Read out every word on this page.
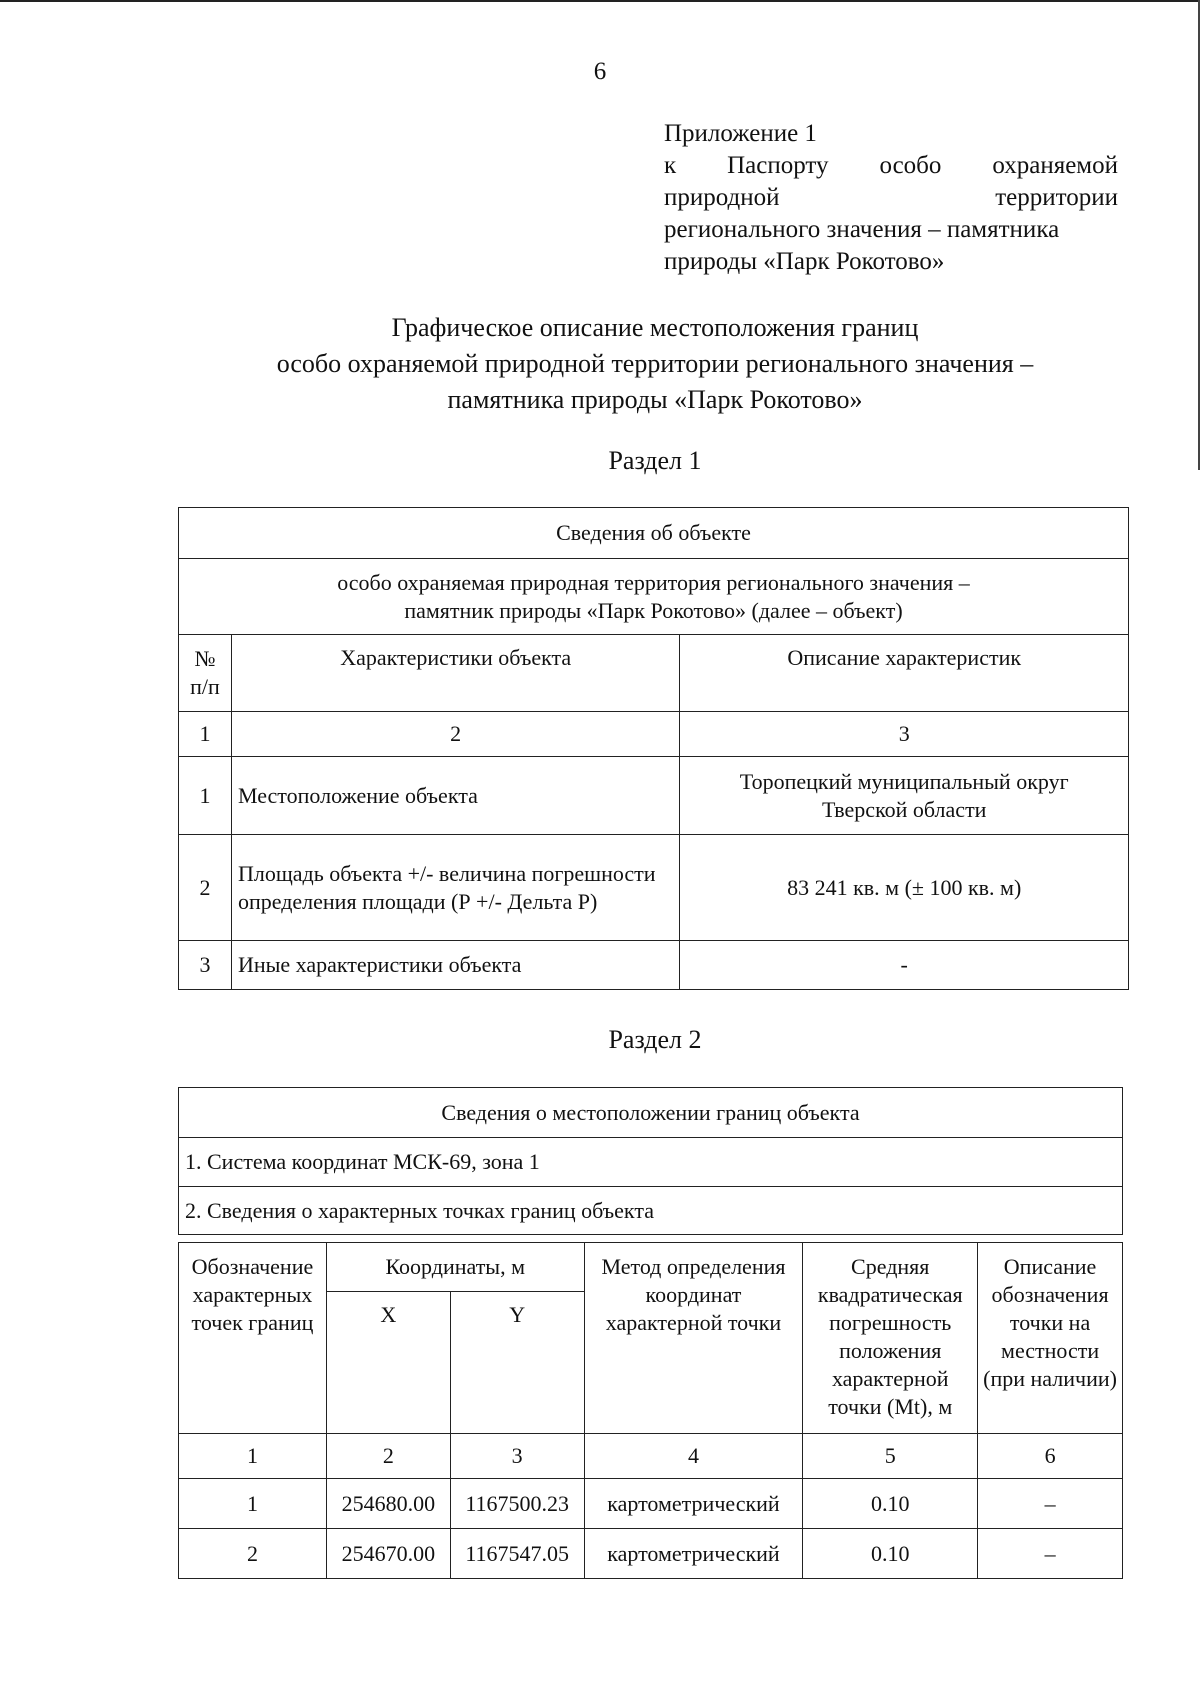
6
Приложение 1
к Паспорту особо охраняемой
природной территории
регионального значения – памятника
природы «Парк Рокотово»
Графическое описание местоположения границ
особо охраняемой природной территории регионального значения –
памятника природы «Парк Рокотово»
Раздел 1
Сведения об объекте		

особо охраняемая природная территория регионального значения –
памятник природы «Парк Рокотово» (далее – объект)		

№ п/п	Характеристики объекта	Описание характеристик
1	2	3
1	Местоположение объекта	Торопецкий муниципальный округ Тверской области
2	Площадь объекта +/- величина погрешности определения площади (Р +/- Дельта Р)	83 241 кв. м (± 100 кв. м)
3	Иные характеристики объекта	-
Раздел 2
Сведения о местоположении границ объекта
1. Система координат МСК-69, зона 1
2. Сведения о характерных точках границ объекта
Обозначение характерных точек границ	Координаты, м		Метод определения координат характерной точки	Средняя квадратическая погрешность положения характерной точки (Mt), м	Описание обозначения точки на местности (при наличии)
	X	Y			
1	2	3	4	5	6
1	254680.00	1167500.23	картометрический	0.10	–
2	254670.00	1167547.05	картометрический	0.10	–
